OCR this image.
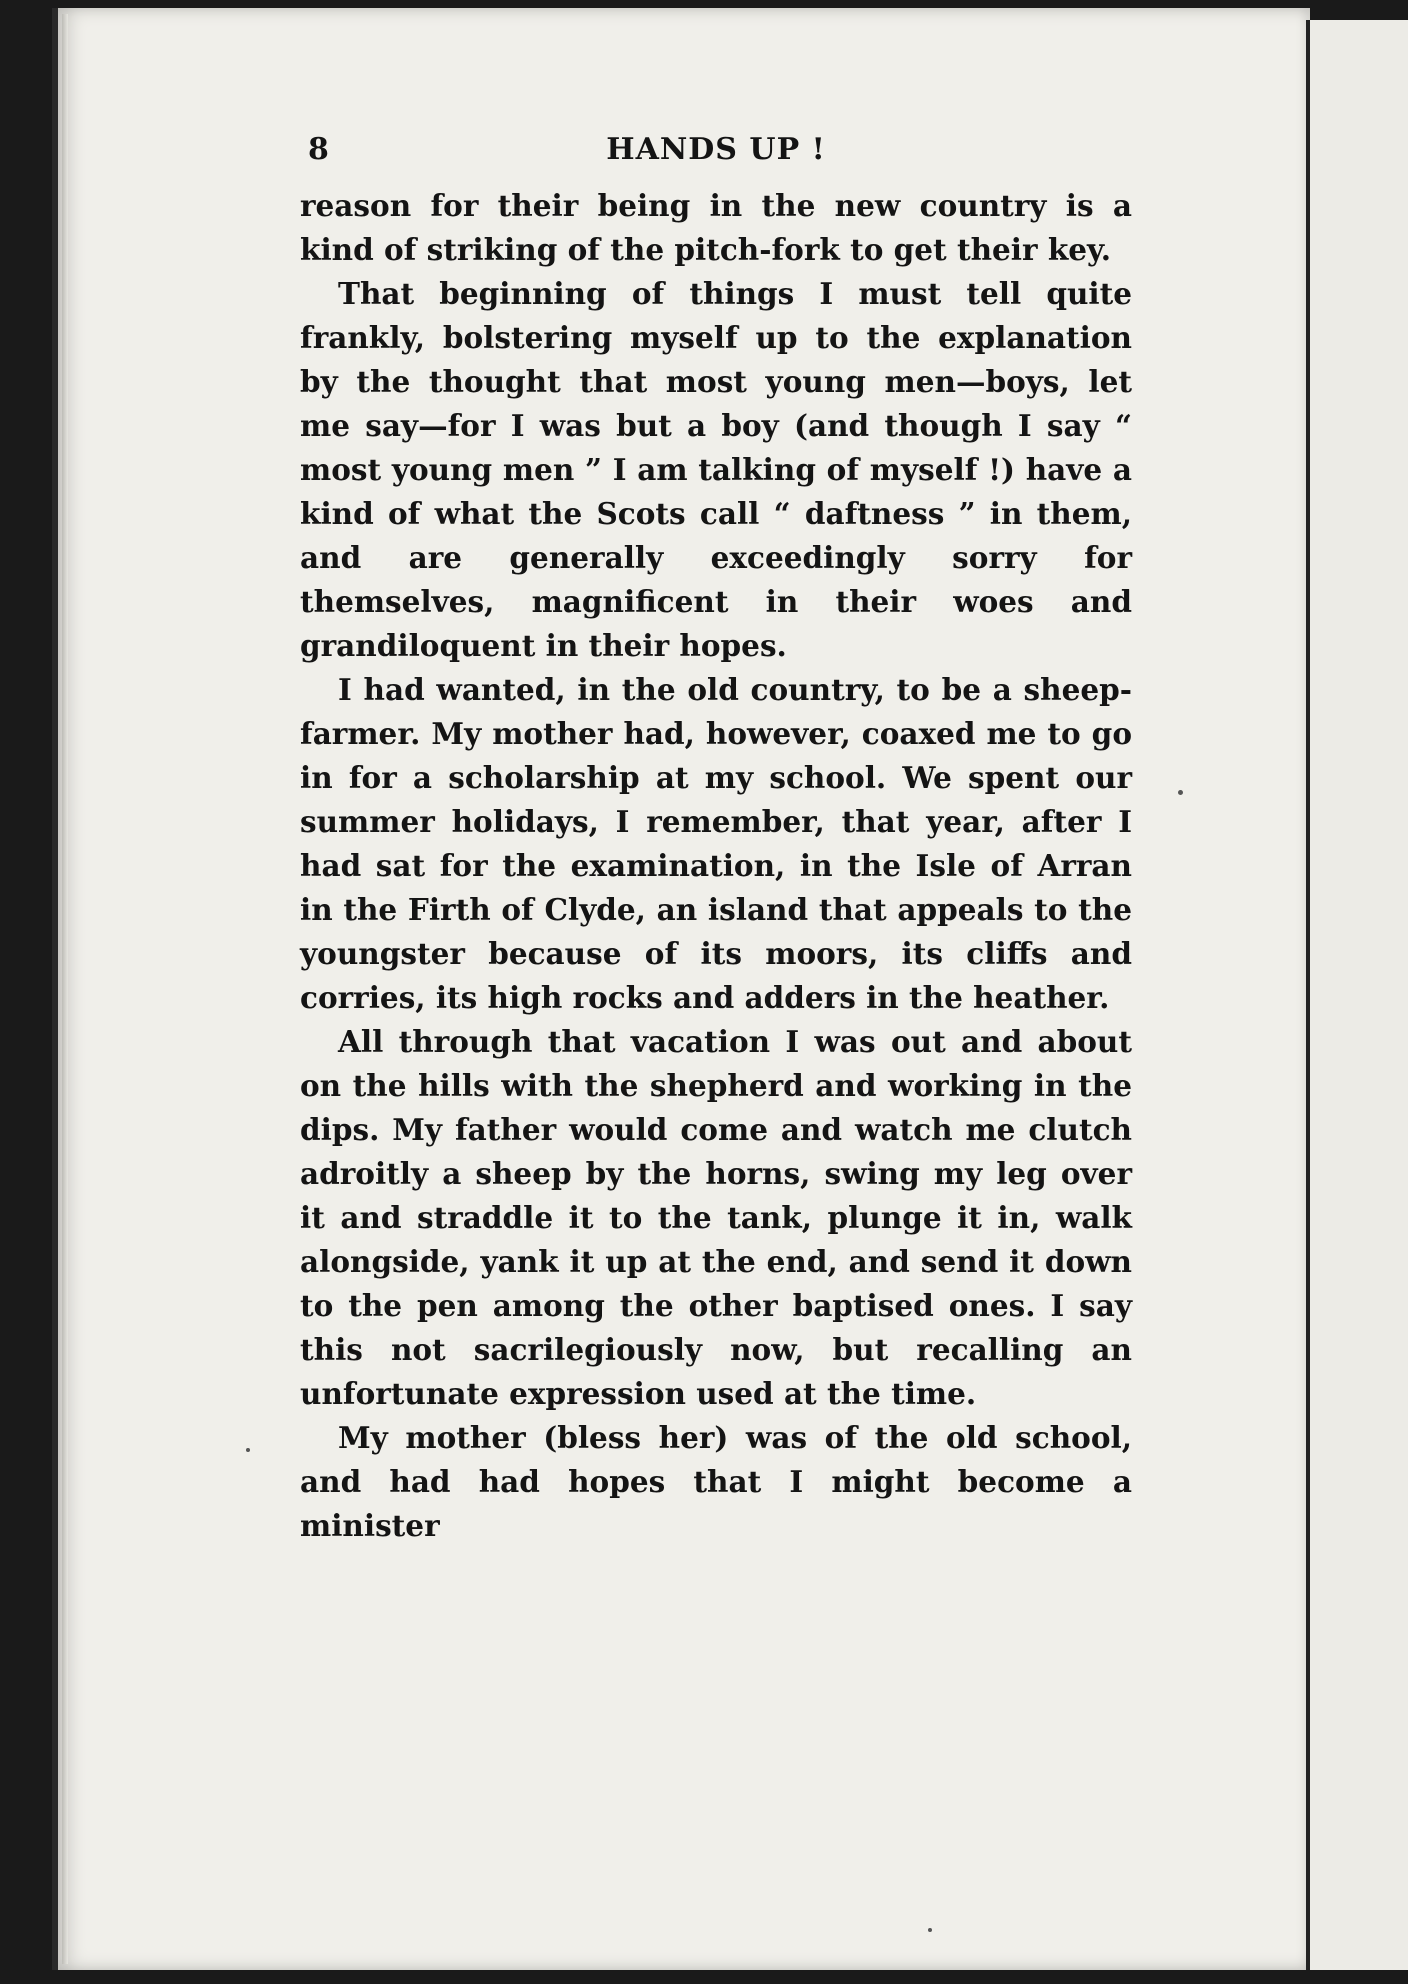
8	HANDS UP !

reason for their being in the new country is a kind of striking of the pitch-fork to get their key.

That beginning of things I must tell quite frankly, bolstering myself up to the explanation by the thought that most young men—boys, let me say—for I was but a boy (and though I say “ most young men ” I am talking of myself !) have a kind of what the Scots call “ daftness ” in them, and are generally exceedingly sorry for themselves, magnificent in their woes and grandiloquent in their hopes.

I had wanted, in the old country, to be a sheep-farmer. My mother had, however, coaxed me to go in for a scholarship at my school. We spent our summer holidays, I remember, that year, after I had sat for the examination, in the Isle of Arran in the Firth of Clyde, an island that appeals to the youngster because of its moors, its cliffs and corries, its high rocks and adders in the heather.

All through that vacation I was out and about on the hills with the shepherd and working in the dips. My father would come and watch me clutch adroitly a sheep by the horns, swing my leg over it and straddle it to the tank, plunge it in, walk alongside, yank it up at the end, and send it down to the pen among the other baptised ones. I say this not sacrilegiously now, but recalling an unfortunate expression used at the time.

My mother (bless her) was of the old school, and had had hopes that I might become a minister
